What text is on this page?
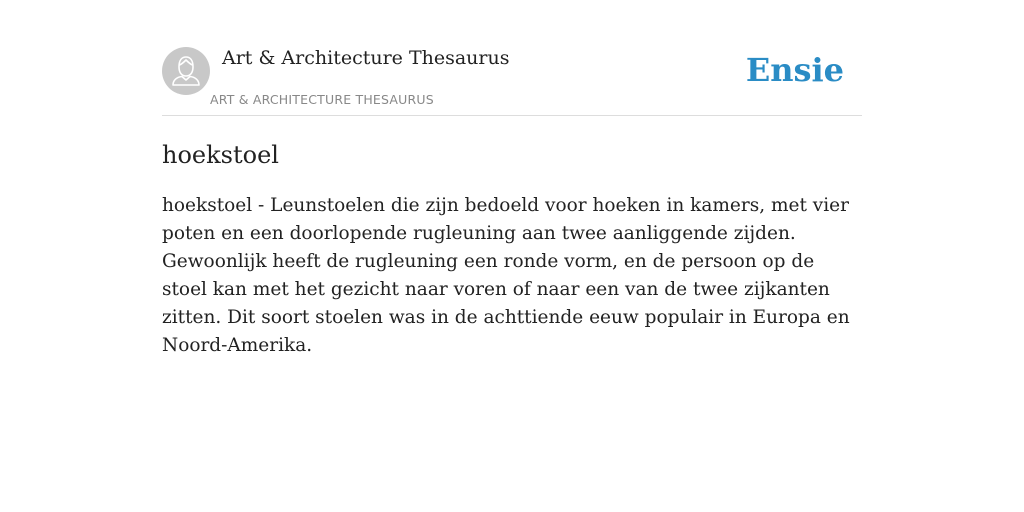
Art & Architecture Thesaurus
ART & ARCHITECTURE THESAURUS
Ensie
hoekstoel

hoekstoel - Leunstoelen die zijn bedoeld voor hoeken in kamers, met vier poten en een doorlopende rugleuning aan twee aanliggende zijden. Gewoonlijk heeft de rugleuning een ronde vorm, en de persoon op de stoel kan met het gezicht naar voren of naar een van de twee zijkanten zitten. Dit soort stoelen was in de achttiende eeuw populair in Europa en Noord-Amerika.
